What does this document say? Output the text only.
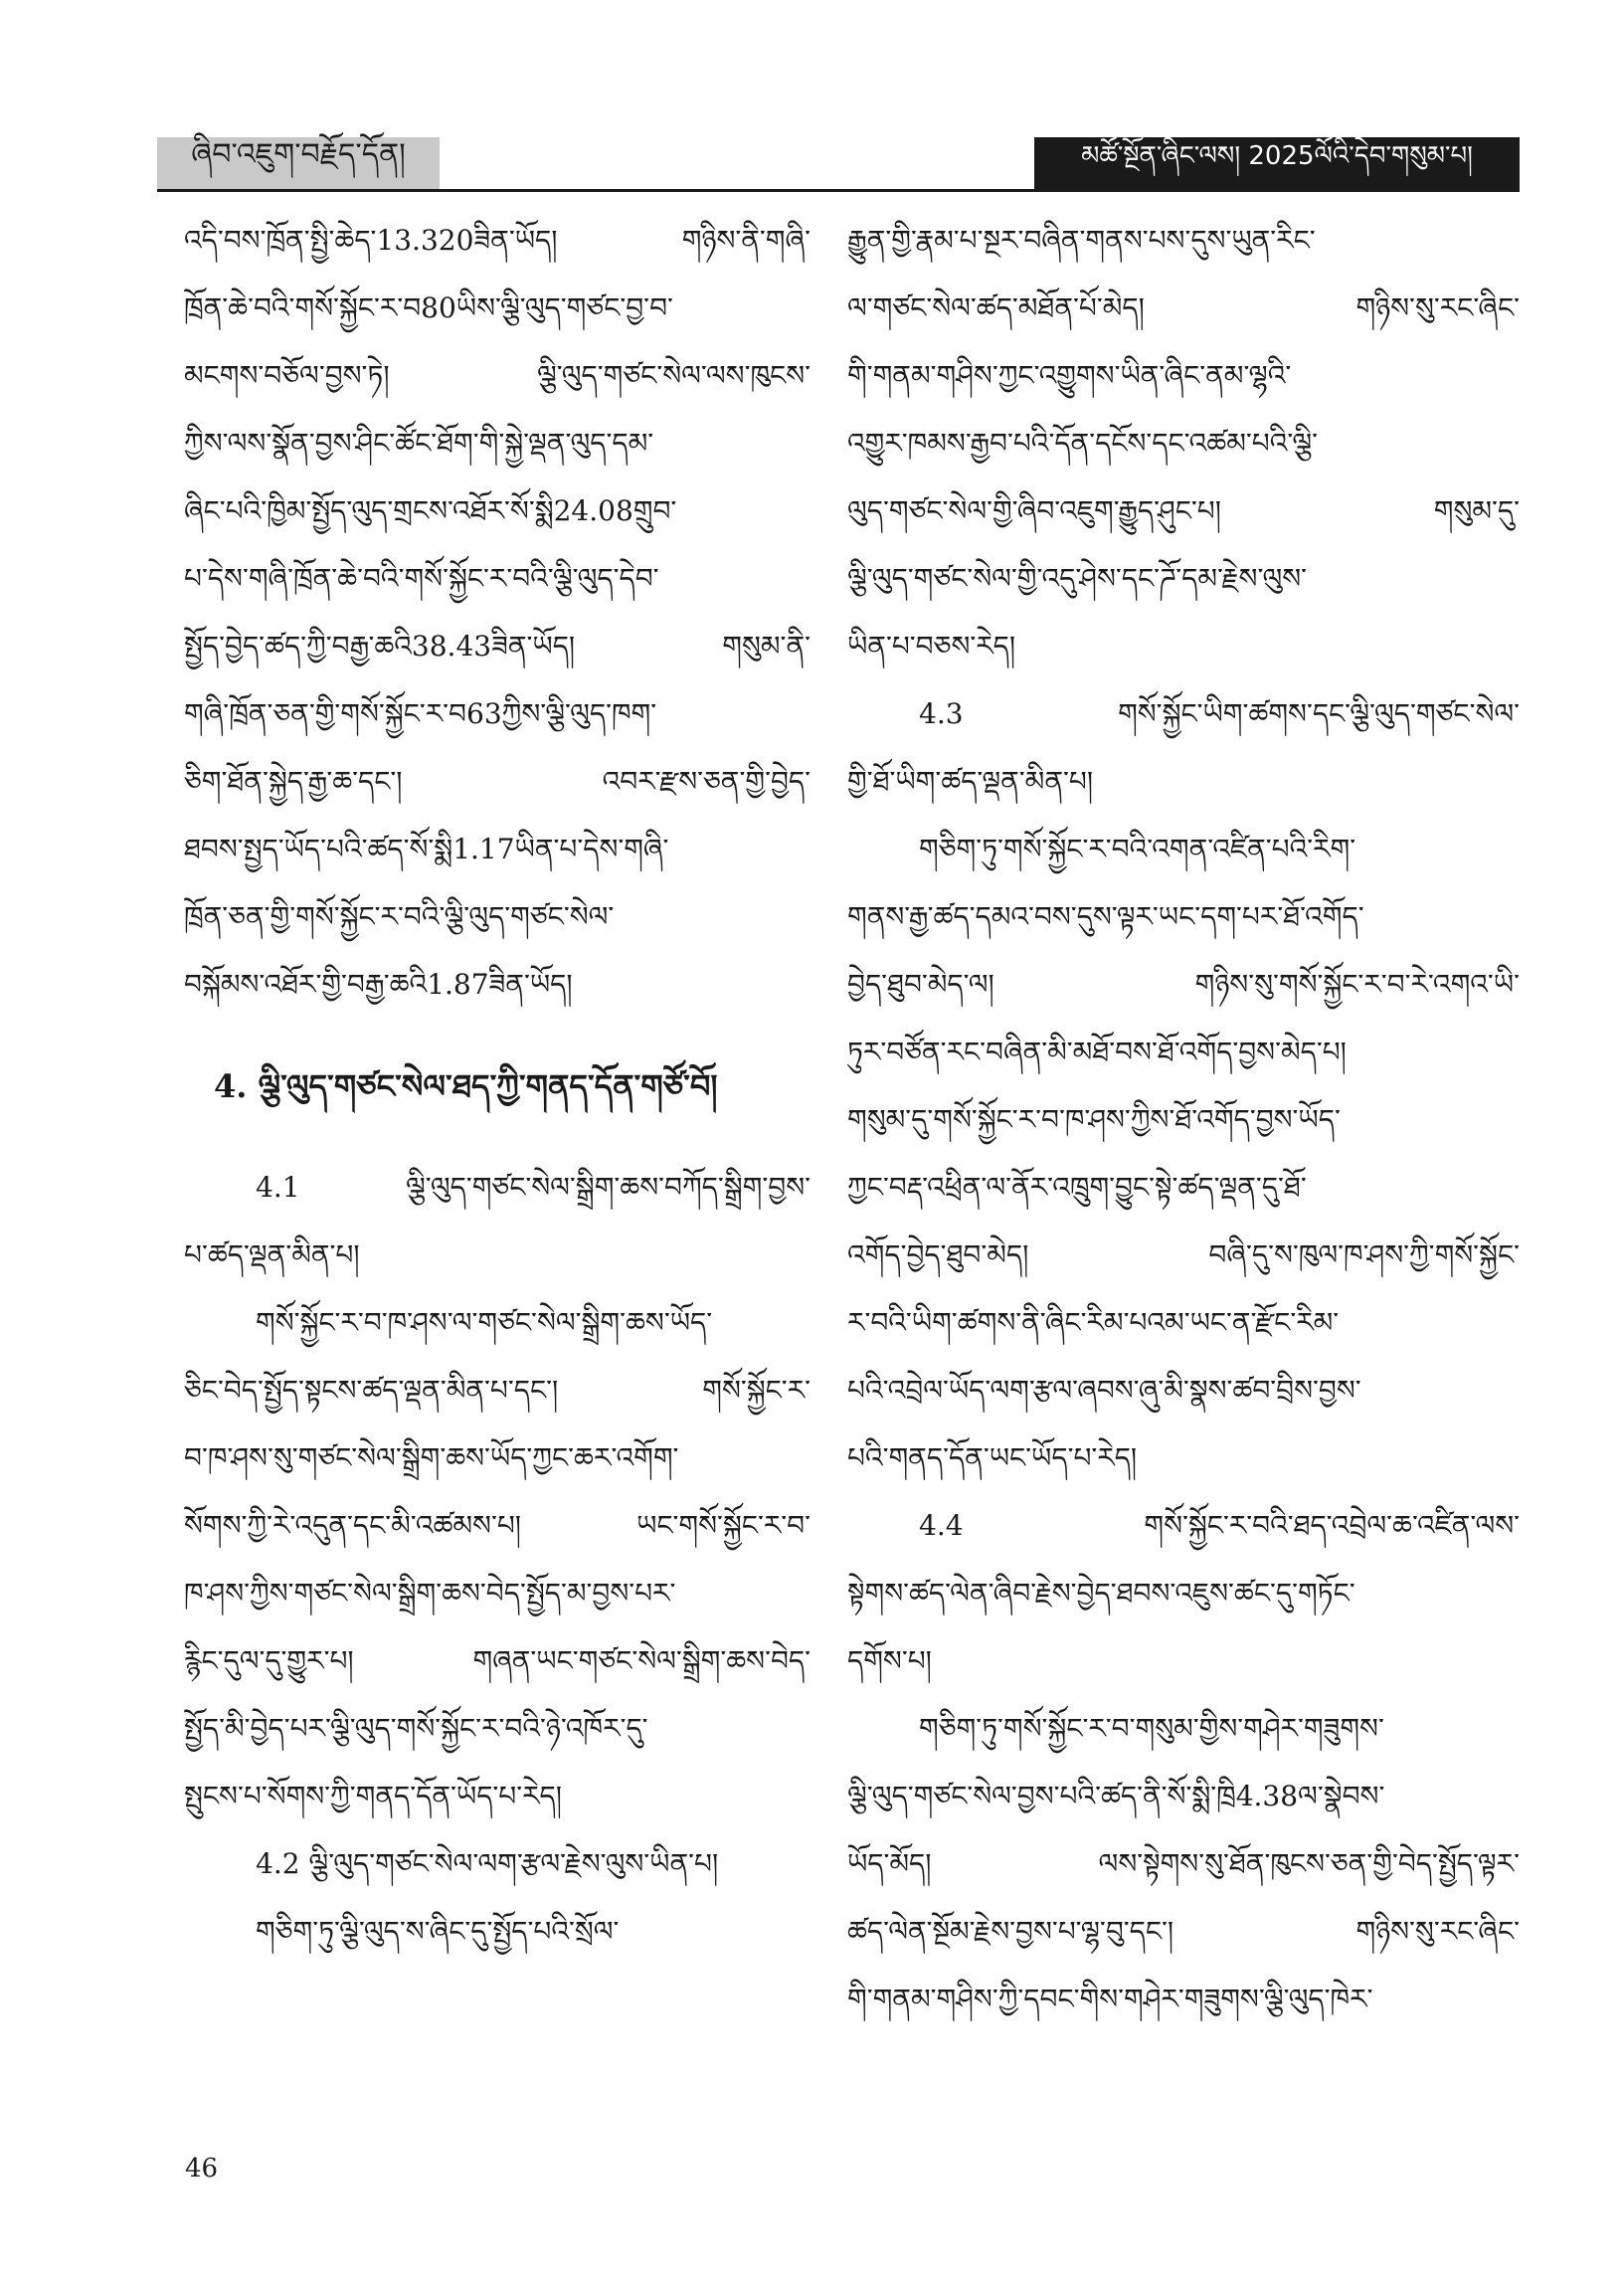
ཞིབ་འཇུག་བརྗོད་དོན།	མཚོ་སྔོན་ཞིང་ལས། 2025ལོའི་དེབ་གསུམ་པ།
འདི་བས་ཁྲོན་སྤྱི་ཆེད་13.320ཟིན་ཡོད། གཉིས་ནི་གཞི་
ཁྲོན་ཆེ་བའི་གསོ་སྐྱོང་ར་བ80ཡིས་ལྕི་ལུད་གཙང་བྱ་བ་
མངགས་བཅོལ་བྱས་ཏེ། ལྕི་ལུད་གཙང་སེལ་ལས་ཁུངས་
ཀྱིས་ལས་སྣོན་བྱས་ཤིང་ཚོང་ཐོག་གི་སྐྱེ་ལྡན་ལུད་དམ་
ཞིང་པའི་ཁྱིམ་སྤྱོད་ལུད་གྲངས་འཐོར་སོ་སྨི24.08གྲུབ་
པ་དེས་གཞི་ཁྲོན་ཆེ་བའི་གསོ་སྐྱོང་ར་བའི་ལྕི་ལུད་དེབ་
སྤྱོད་བྱེད་ཚད་ཀྱི་བརྒྱ་ཆའི38.43ཟིན་ཡོད། གསུམ་ནི་
གཞི་ཁྲོན་ཅན་གྱི་གསོ་སྐྱོང་ར་བ63ཀྱིས་ལྕི་ལུད་ཁག་
ཅིག་ཐོན་སྐྱེད་རྒྱ་ཆ་དང་། འབར་རྫས་ཅན་གྱི་བྱེད་
ཐབས་སྤྱད་ཡོད་པའི་ཚད་སོ་སྨི1.17ཡིན་པ་དེས་གཞི་
ཁྲོན་ཅན་གྱི་གསོ་སྐྱོང་ར་བའི་ལྕི་ལུད་གཙང་སེལ་
བསྐོམས་འཐོར་གྱི་བརྒྱ་ཆའི1.87ཟིན་ཡོད།
4. ལྕི་ལུད་གཙང་སེལ་ཐད་ཀྱི་གནད་དོན་གཙོ་བོ།
4.1 ལྕི་ལུད་གཙང་སེལ་སྒྲིག་ཆས་བཀོད་སྒྲིག་བྱས་
པ་ཚད་ལྡན་མིན་པ།
གསོ་སྐྱོང་ར་བ་ཁ་ཤས་ལ་གཙང་སེལ་སྒྲིག་ཆས་ཡོད་
ཅིང་བེད་སྤྱོད་སྟངས་ཚད་ལྡན་མིན་པ་དང་། གསོ་སྐྱོང་ར་
བ་ཁ་ཤས་སུ་གཙང་སེལ་སྒྲིག་ཆས་ཡོད་ཀྱང་ཆར་འགོག་
སོགས་ཀྱི་རེ་འདུན་དང་མི་འཚམས་པ། ཡང་གསོ་སྐྱོང་ར་བ་
ཁ་ཤས་ཀྱིས་གཙང་སེལ་སྒྲིག་ཆས་བེད་སྤྱོད་མ་བྱས་པར་
རྙིང་དུལ་དུ་གྱུར་པ། གཞན་ཡང་གཙང་སེལ་སྒྲིག་ཆས་བེད་
སྤྱོད་མི་བྱེད་པར་ལྕི་ལུད་གསོ་སྐྱོང་ར་བའི་ཉེ་འཁོར་དུ་
སྤུངས་པ་སོགས་ཀྱི་གནད་དོན་ཡོད་པ་རེད།
4.2 ལྕི་ལུད་གཙང་སེལ་ལག་རྩལ་རྗེས་ལུས་ཡིན་པ།
གཅིག་ཏུ་ལྕི་ལུད་ས་ཞིང་དུ་སྤྱོད་པའི་སྲོལ་
རྒྱུན་གྱི་རྣམ་པ་སྔར་བཞིན་གནས་པས་དུས་ཡུན་རིང་
ལ་གཙང་སེལ་ཚད་མཐོན་པོ་མེད། གཉིས་སུ་རང་ཞིང་
གི་གནམ་གཤིས་ཀྱང་འགྱུགས་ཡིན་ཞིང་ནམ་ལྷའི་
འགྱུར་ཁམས་རྒྱབ་པའི་དོན་དངོས་དང་འཚམ་པའི་ལྕི་
ལུད་གཙང་སེལ་གྱི་ཞིབ་འཇུག་རྒྱུད་ཤུང་པ། གསུམ་དུ་
ལྕི་ལུད་གཙང་སེལ་གྱི་འདུ་ཤེས་དང་ཌོ་དམ་རྗེས་ལུས་
ཡིན་པ་བཅས་རེད།
4.3 གསོ་སྐྱོང་ཡིག་ཚགས་དང་ལྕི་ལུད་གཙང་སེལ་
གྱི་ཐོ་ཡིག་ཚད་ལྡན་མིན་པ།
གཅིག་ཏུ་གསོ་སྐྱོང་ར་བའི་འགན་འཛིན་པའི་རིག་
གནས་རྒྱ་ཚད་དམའ་བས་དུས་ལྟར་ཡང་དག་པར་ཐོ་འགོད་
བྱེད་ཐུབ་མེད་ལ། གཉིས་སུ་གསོ་སྐྱོང་ར་བ་རེ་འགའ་ཡི་
ཏུར་བཙོན་རང་བཞིན་མི་མཐོ་བས་ཐོ་འགོད་བྱས་མེད་པ།
གསུམ་དུ་གསོ་སྐྱོང་ར་བ་ཁ་ཤས་ཀྱིས་ཐོ་འགོད་བྱས་ཡོད་
ཀྱང་བརྡ་འཕྲིན་ལ་ནོར་འཁྲུག་བྱུང་སྟེ་ཚད་ལྡན་དུ་ཐོ་
འགོད་བྱེད་ཐུབ་མེད། བཞི་དུ་ས་ཁུལ་ཁ་ཤས་ཀྱི་གསོ་སྐྱོང་
ར་བའི་ཡིག་ཚགས་ནི་ཞིང་རིམ་པའམ་ཡང་ན་རྫོང་རིམ་
པའི་འབྲེལ་ཡོད་ལག་རྩལ་ཞབས་ཞུ་མི་སྣས་ཚབ་བྲིས་བྱས་
པའི་གནད་དོན་ཡང་ཡོད་པ་རེད།
4.4 གསོ་སྐྱོང་ར་བའི་ཐད་འབྲེལ་ཆ་འཛིན་ལས་
སྟེགས་ཚད་ལེན་ཞིབ་རྗེས་བྱེད་ཐབས་འཇུས་ཚང་དུ་གཏོང་
དགོས་པ།
གཅིག་ཏུ་གསོ་སྐྱོང་ར་བ་གསུམ་གྱིས་གཤེར་གཟུགས་
ལྕི་ལུད་གཙང་སེལ་བྱས་པའི་ཚད་ནི་སོ་སྨི་ཁྲི4.38ལ་སྣེབས་
ཡོད་མོད། ལས་སྟེགས་སུ་ཐོན་ཁུངས་ཅན་གྱི་བེད་སྤྱོད་ལྟར་
ཚད་ལེན་སྔོམ་རྗེས་བྱས་པ་ལྷ་བུ་དང་། གཉིས་སུ་རང་ཞིང་
གི་གནམ་གཤིས་ཀྱི་དབང་གིས་གཤེར་གཟུགས་ལྕི་ལུད་ཁེར་
46
